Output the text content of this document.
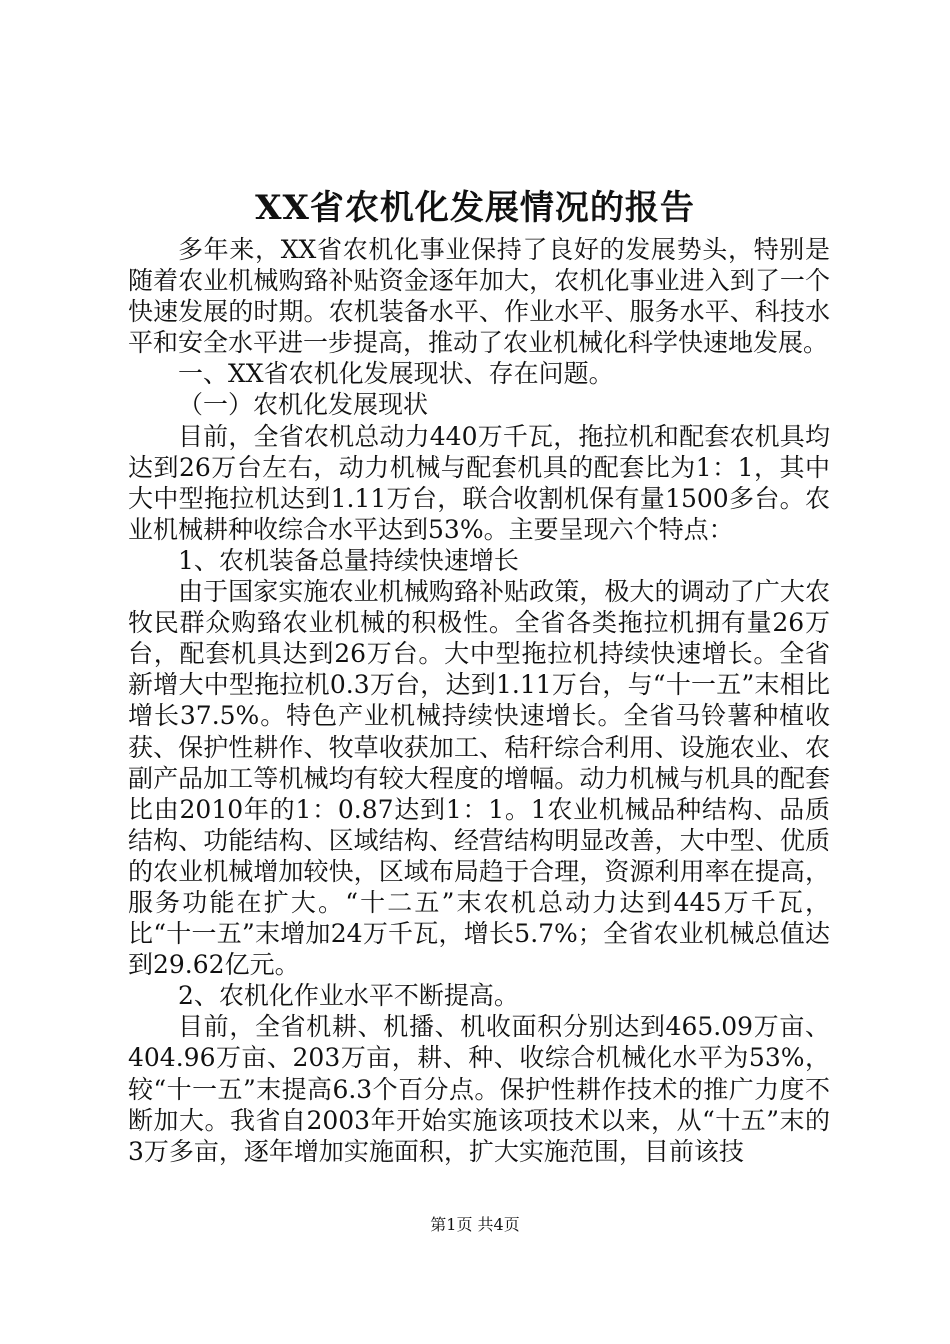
XX省农机化发展情况的报告

多年来，XX省农机化事业保持了良好的发展势头，特别是随着农业机械购臵补贴资金逐年加大，农机化事业进入到了一个快速发展的时期。农机装备水平、作业水平、服务水平、科技水平和安全水平进一步提高，推动了农业机械化科学快速地发展。

一、XX省农机化发展现状、存在问题。

（一）农机化发展现状

目前，全省农机总动力440万千瓦，拖拉机和配套农机具均达到26万台左右，动力机械与配套机具的配套比为1：1，其中大中型拖拉机达到1.11万台，联合收割机保有量1500多台。农业机械耕种收综合水平达到53%。主要呈现六个特点：

1、农机装备总量持续快速增长

由于国家实施农业机械购臵补贴政策，极大的调动了广大农牧民群众购臵农业机械的积极性。全省各类拖拉机拥有量26万台，配套机具达到26万台。大中型拖拉机持续快速增长。全省新增大中型拖拉机0.3万台，达到1.11万台，与“十一五”末相比增长37.5%。特色产业机械持续快速增长。全省马铃薯种植收获、保护性耕作、牧草收获加工、秸秆综合利用、设施农业、农副产品加工等机械均有较大程度的增幅。动力机械与机具的配套比由2010年的1：0.87达到1：1。1农业机械品种结构、品质结构、功能结构、区域结构、经营结构明显改善，大中型、优质的农业机械增加较快，区域布局趋于合理，资源利用率在提高，服务功能在扩大。“十二五”末农机总动力达到445万千瓦，比“十一五”末增加24万千瓦，增长5.7%；全省农业机械总值达到29.62亿元。

2、农机化作业水平不断提高。

目前，全省机耕、机播、机收面积分别达到465.09万亩、404.96万亩、203万亩，耕、种、收综合机械化水平为53%，较“十一五”末提高6.3个百分点。保护性耕作技术的推广力度不断加大。我省自2003年开始实施该项技术以来，从“十五”末的3万多亩，逐年增加实施面积，扩大实施范围，目前该技

第1页 共4页
